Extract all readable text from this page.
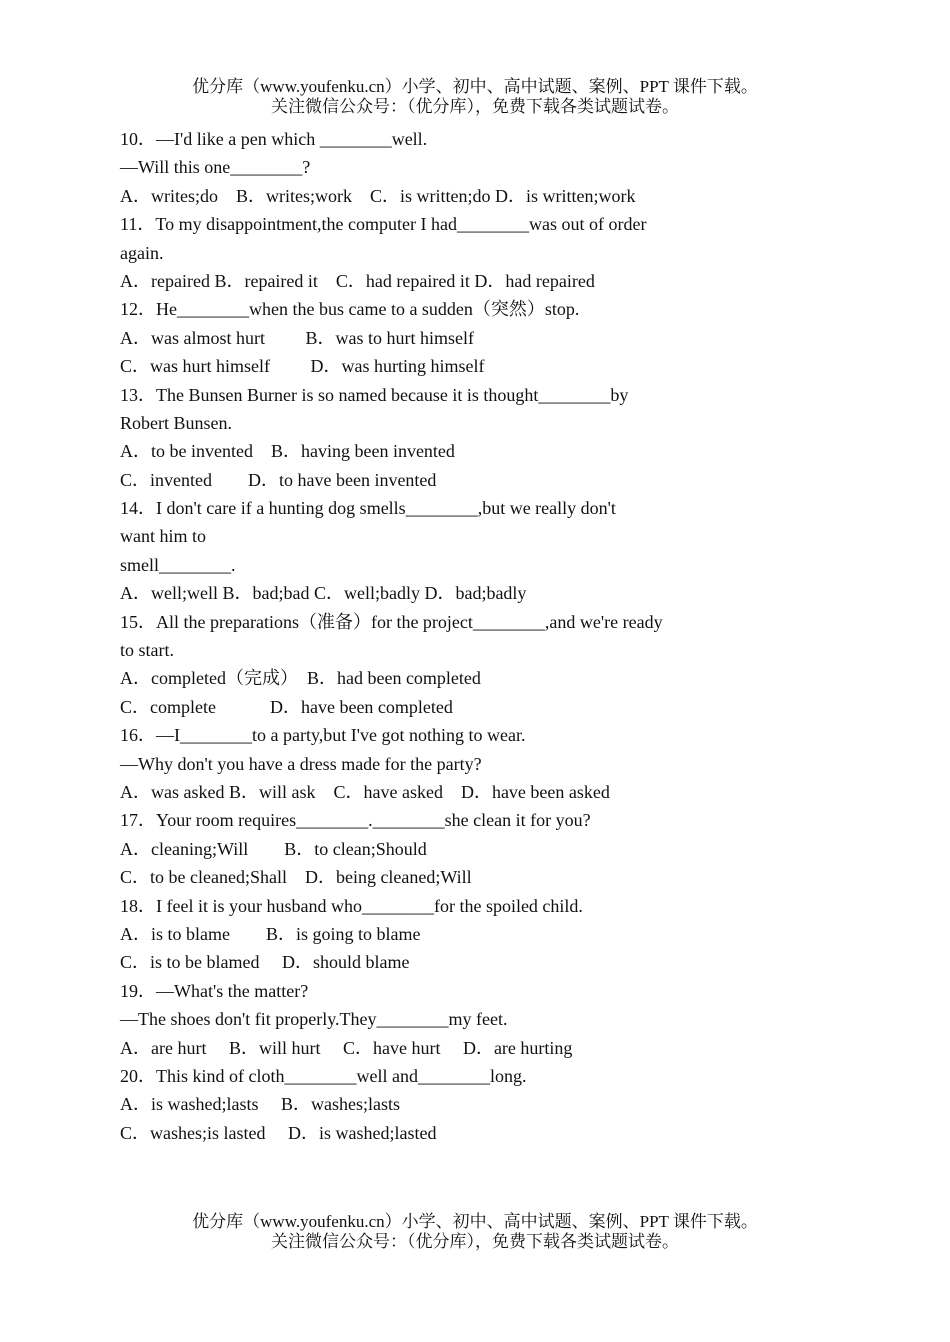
优分库（www.youfenku.cn）小学、初中、高中试题、案例、PPT 课件下载。
关注微信公众号：（优分库），免费下载各类试题试卷。
10．—I'd like a pen which ________well.
—Will this one________?
A．writes;do　B．writes;work　C．is written;do D．is written;work
11．To my disappointment,the computer I had________was out of order
again.
A．repaired B．repaired it　C．had repaired it D．had repaired
12．He________when the bus came to a sudden（突然）stop.
A．was almost hurt　　 B．was to hurt himself
C．was hurt himself　　 D．was hurting himself
13．The Bunsen Burner is so named because it is thought________by
Robert Bunsen.
A．to be invented　B．having been invented
C．invented　　D．to have been invented
14．I don't care if a hunting dog smells________,but we really don't
want him to
smell________.
A．well;well B．bad;bad C．well;badly D．bad;badly
15．All the preparations（准备）for the project________,and we're ready
to start.
A．completed（完成）　B．had been completed
C．complete　　　D．have been completed
16．—I________to a party,but I've got nothing to wear.
—Why don't you have a dress made for the party?
A．was asked B．will ask　C．have asked　D．have been asked
17．Your room requires________.________she clean it for you?
A．cleaning;Will　　B．to clean;Should
C．to be cleaned;Shall　D．being cleaned;Will
18．I feel it is your husband who________for the spoiled child.
A．is to blame　　B．is going to blame
C．is to be blamed　 D．should blame
19．—What's the matter?
—The shoes don't fit properly.They________my feet.
A．are hurt　 B．will hurt　 C．have hurt　 D．are hurting
20．This kind of cloth________well and________long.
A．is washed;lasts　 B．washes;lasts
C．washes;is lasted　 D．is washed;lasted
优分库（www.youfenku.cn）小学、初中、高中试题、案例、PPT 课件下载。
关注微信公众号：（优分库），免费下载各类试题试卷。
